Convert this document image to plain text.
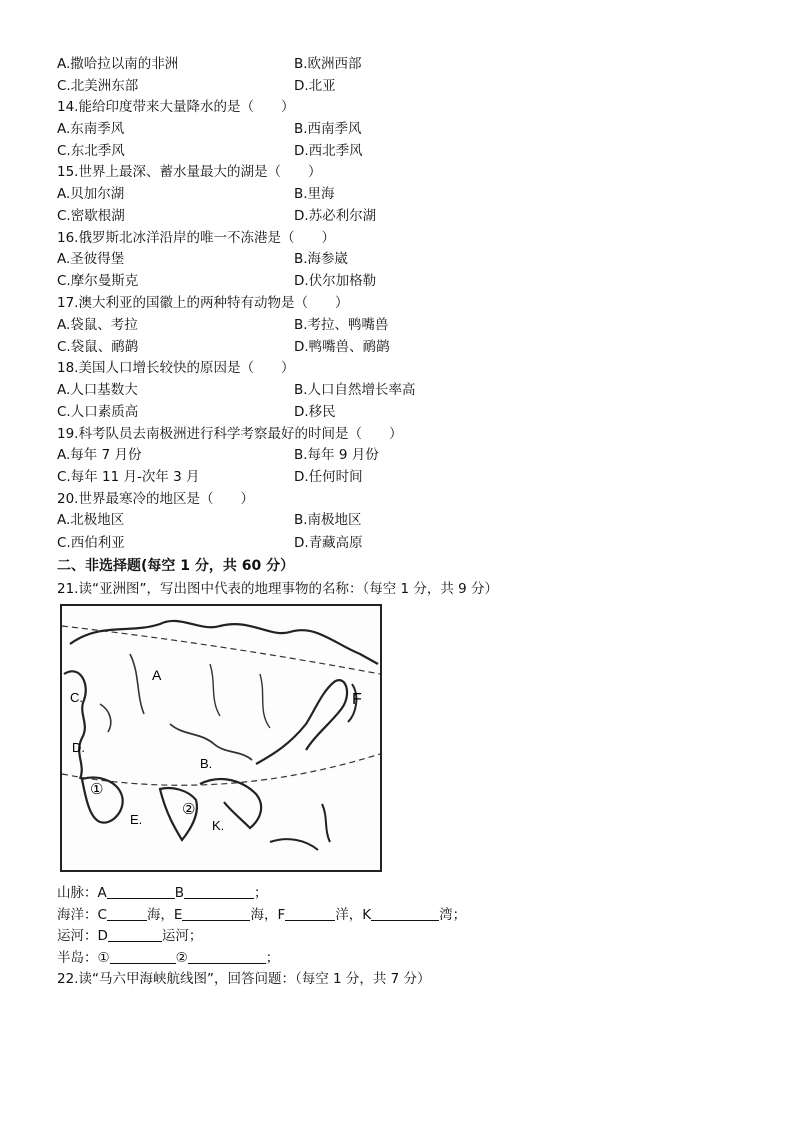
A.撒哈拉以南的非洲	B.欧洲西部
C.北美洲东部	D.北亚
14.能给印度带来大量降水的是（　　）
A.东南季风	B.西南季风
C.东北季风	D.西北季风
15.世界上最深、蓄水量最大的湖是（　　）
A.贝加尔湖	B.里海
C.密歇根湖	D.苏必利尔湖
16.俄罗斯北冰洋沿岸的唯一不冻港是（　　）
A.圣彼得堡	B.海参崴
C.摩尔曼斯克	D.伏尔加格勒
17.澳大利亚的国徽上的两种特有动物是（　　）
A.袋鼠、考拉	B.考拉、鸭嘴兽
C.袋鼠、鸸鹋	D.鸭嘴兽、鸸鹋
18.美国人口增长较快的原因是（　　）
A.人口基数大	B.人口自然增长率高
C.人口素质高	D.移民
19.科考队员去南极洲进行科学考察最好的时间是（　　）
A.每年 7 月份	B.每年 9 月份
C.每年 11 月-次年 3 月	D.任何时间
20.世界最寒冷的地区是（　　）
A.北极地区	B.南极地区
C.西伯利亚	D.青藏高原
二、非选择题(每空 1 分，共 60 分）
21.读“亚洲图”，写出图中代表的地理事物的名称：（每空 1 分，共 9 分）
A
C.
D.
B.
①
②
E.	K.
F
山脉：A	B	；
海洋：C	海，E	海，F	洋，K	湾；
运河：D	运河；
半岛：①	②	；
22.读“马六甲海峡航线图”，回答问题：（每空 1 分，共 7 分）
